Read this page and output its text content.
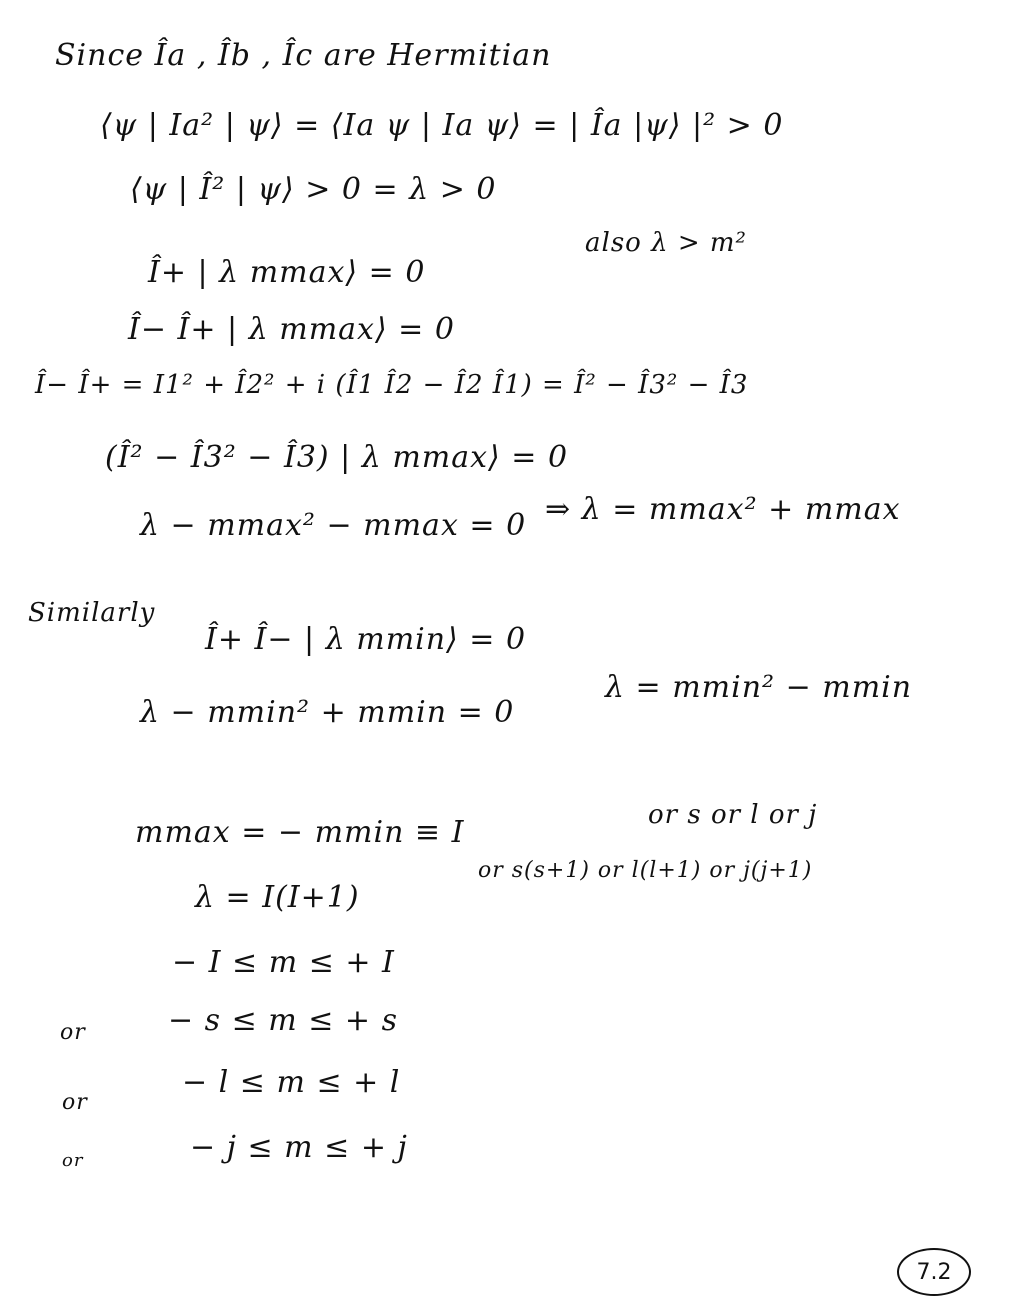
Since Îa , Îb , Îc are Hermitian
⟨ψ | Ia² | ψ⟩ = ⟨Ia ψ | Ia ψ⟩ = | Îa |ψ⟩ |² > 0
⟨ψ | Î² | ψ⟩ > 0 = λ > 0
also λ > m²
Î+ | λ mmax⟩ = 0
Î− Î+ | λ mmax⟩ = 0
Î− Î+ = I1² + Î2² + i (Î1 Î2 − Î2 Î1) = Î² − Î3² − Î3
(Î² − Î3² − Î3) | λ mmax⟩ = 0
λ − mmax² − mmax = 0 ⇒ λ = mmax² + mmax
Similarly
Î+ Î− | λ mmin⟩ = 0
λ = mmin² − mmin
λ − mmin² + mmin = 0
mmax = − mmin ≡ I	or s or l or j
or s(s+1) or l(l+1) or j(j+1)
λ = I(I+1)
− I ≤ m ≤ + I
or	− s ≤ m ≤ + s
or
− l ≤ m ≤ + l
or	− j ≤ m ≤ + j
7.2
